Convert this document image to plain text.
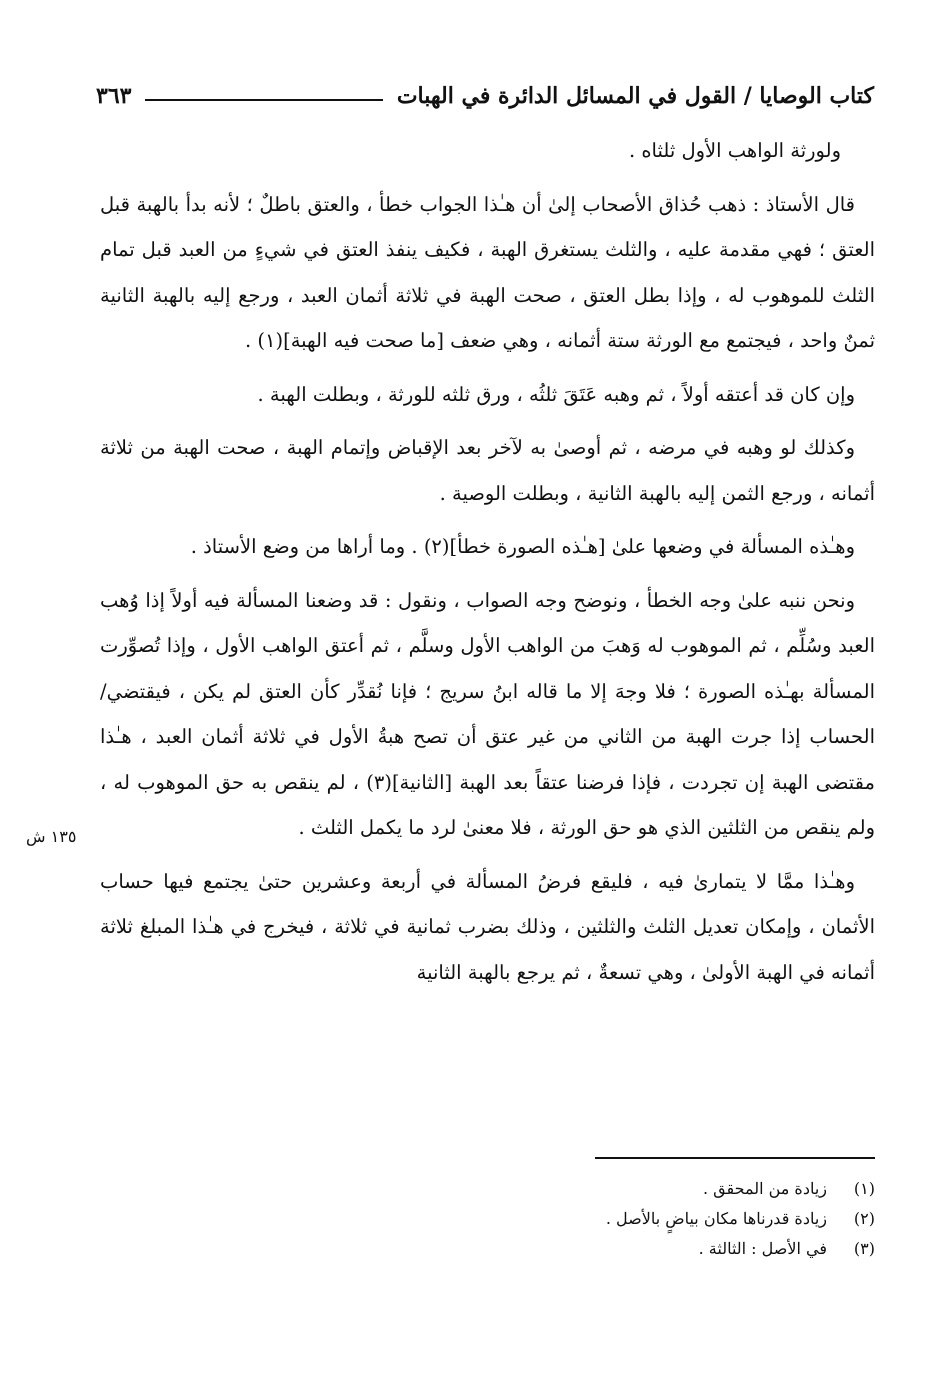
كتاب الوصايا / القول في المسائل الدائرة في الهبات
٣٦٣

ولورثة الواهب الأول ثلثاه .

قال الأستاذ : ذهب حُذاق الأصحاب إلىٰ أن هـٰذا الجواب خطأ ، والعتق باطلٌ ؛ لأنه بدأ بالهبة قبل العتق ؛ فهي مقدمة عليه ، والثلث يستغرق الهبة ، فكيف ينفذ العتق في شيءٍ من العبد قبل تمام الثلث للموهوب له ، وإذا بطل العتق ، صحت الهبة في ثلاثة أثمان العبد ، ورجع إليه بالهبة الثانية ثمنٌ واحد ، فيجتمع مع الورثة ستة أثمانه ، وهي ضعف [ما صحت فيه الهبة](١) .

وإن كان قد أعتقه أولاً ، ثم وهبه عَتَقَ ثلثُه ، ورق ثلثه للورثة ، وبطلت الهبة .

وكذلك لو وهبه في مرضه ، ثم أوصىٰ به لآخر بعد الإقباض وإتمام الهبة ، صحت الهبة من ثلاثة أثمانه ، ورجع الثمن إليه بالهبة الثانية ، وبطلت الوصية .

وهـٰذه المسألة في وضعها علىٰ [هـٰذه الصورة خطأ](٢) . وما أراها من وضع الأستاذ .

ونحن ننبه علىٰ وجه الخطأ ، ونوضح وجه الصواب ، ونقول : قد وضعنا المسألة فيه أولاً إذا وُهب العبد وسُلِّم ، ثم الموهوب له وَهبَ من الواهب الأول وسلَّم ، ثم أعتق الواهب الأول ، وإذا تُصوِّرت المسألة بهـٰذه الصورة ؛ فلا وجهَ إلا ما قاله ابنُ سريج ؛ فإنا نُقدِّر كأن العتق لم يكن ، فيقتضي/ الحساب إذا جرت الهبة من الثاني من غير عتق أن تصح هبةُ الأول في ثلاثة أثمان العبد ، هـٰذا مقتضى الهبة إن تجردت ، فإذا فرضنا عتقاً بعد الهبة [الثانية](٣) ، لم ينقص به حق الموهوب له ، ولم ينقص من الثلثين الذي هو حق الورثة ، فلا معنىٰ لرد ما يكمل الثلث .

وهـٰذا ممَّا لا يتمارىٰ فيه ، فليقع فرضُ المسألة في أربعة وعشرين حتىٰ يجتمع فيها حساب الأثمان ، وإمكان تعديل الثلث والثلثين ، وذلك بضرب ثمانية في ثلاثة ، فيخرج في هـٰذا المبلغ ثلاثة أثمانه في الهبة الأولىٰ ، وهي تسعةٌ ، ثم يرجع بالهبة الثانية

١٣٥ ش
(١)
زيادة من المحقق .
(٢)
زيادة قدرناها مكان بياضٍ بالأصل .
(٣)
في الأصل : الثالثة .
